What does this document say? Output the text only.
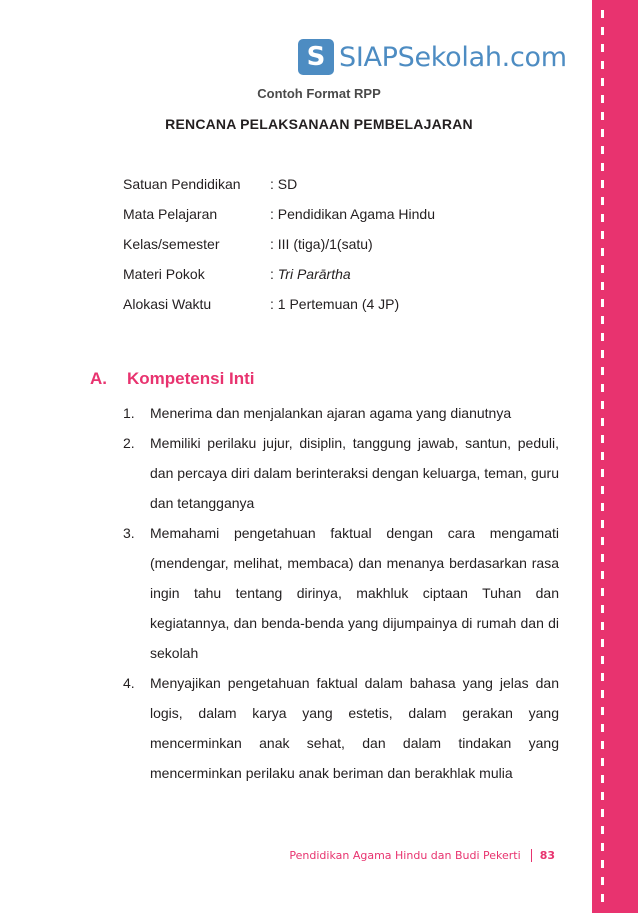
S SIAPSekolah.com
Contoh Format RPP
RENCANA PELAKSANAAN PEMBELAJARAN
Satuan Pendidikan	: SD
Mata Pelajaran	: Pendidikan Agama Hindu
Kelas/semester	: III (tiga)/1(satu)
Materi Pokok	: Tri Parārtha
Alokasi Waktu	: 1 Pertemuan (4 JP)
A.	Kompetensi Inti
1.	Menerima dan menjalankan ajaran agama yang dianutnya
2.	Memiliki perilaku jujur, disiplin, tanggung jawab, santun, peduli, dan percaya diri dalam berinteraksi dengan keluarga, teman, guru dan tetangganya
3.	Memahami pengetahuan faktual dengan cara mengamati (mendengar, melihat, membaca) dan menanya berdasarkan rasa ingin tahu tentang dirinya, makhluk ciptaan Tuhan dan kegiatannya, dan benda-benda yang dijumpainya di rumah dan di sekolah
4.	Menyajikan pengetahuan faktual dalam bahasa yang jelas dan logis, dalam karya yang estetis, dalam gerakan yang mencerminkan anak sehat, dan dalam tindakan yang mencerminkan perilaku anak beriman dan berakhlak mulia
Pendidikan Agama Hindu dan Budi Pekerti 83
